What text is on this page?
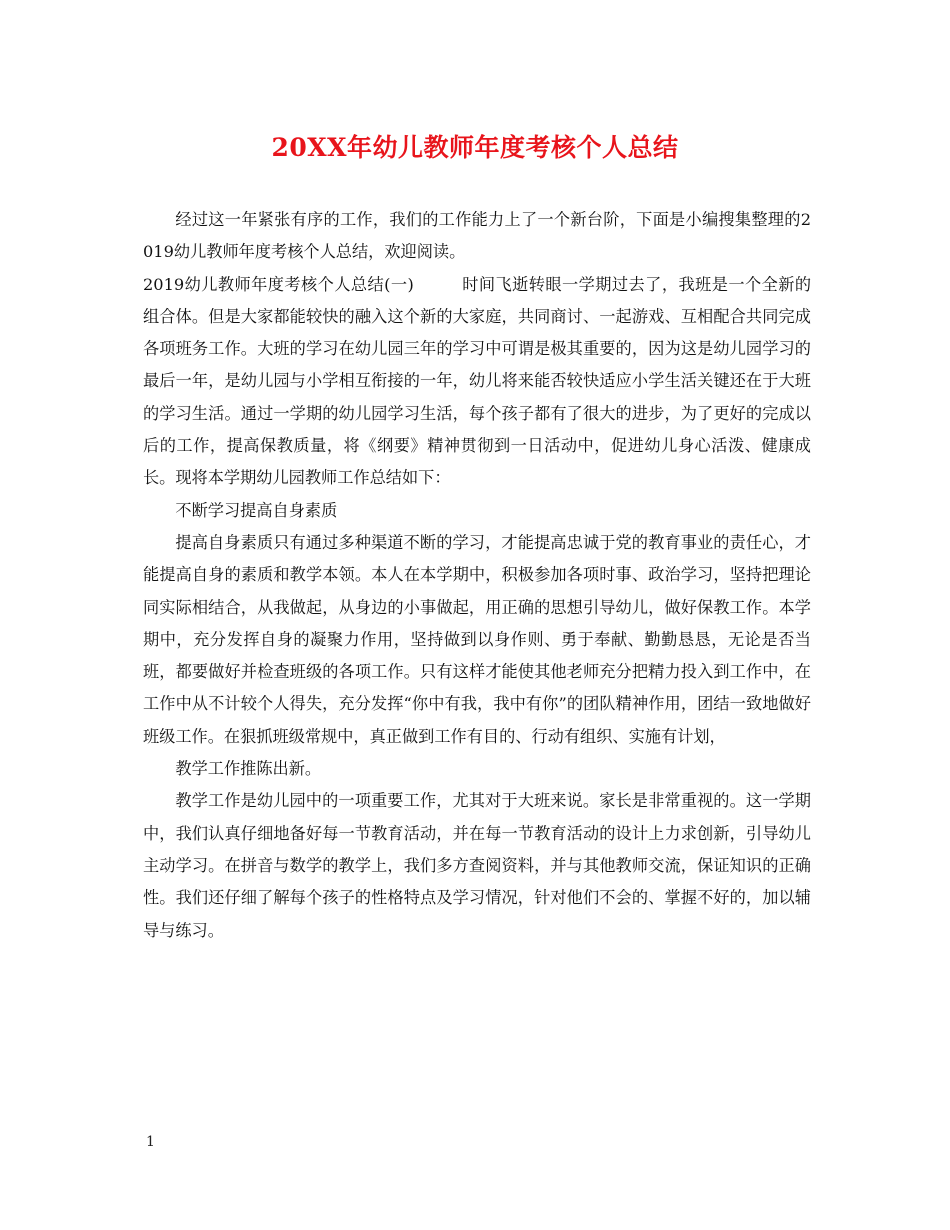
20XX年幼儿教师年度考核个人总结

经过这一年紧张有序的工作，我们的工作能力上了一个新台阶，下面是小编搜集整理的2019幼儿教师年度考核个人总结，欢迎阅读。

2019幼儿教师年度考核个人总结(一)	时间飞逝转眼一学期过去了，我班是一个全新的组合体。但是大家都能较快的融入这个新的大家庭，共同商讨、一起游戏、互相配合共同完成各项班务工作。大班的学习在幼儿园三年的学习中可谓是极其重要的，因为这是幼儿园学习的最后一年，是幼儿园与小学相互衔接的一年，幼儿将来能否较快适应小学生活关键还在于大班的学习生活。通过一学期的幼儿园学习生活，每个孩子都有了很大的进步，为了更好的完成以后的工作，提高保教质量，将《纲要》精神贯彻到一日活动中，促进幼儿身心活泼、健康成长。现将本学期幼儿园教师工作总结如下：

不断学习提高自身素质

提高自身素质只有通过多种渠道不断的学习，才能提高忠诚于党的教育事业的责任心，才能提高自身的素质和教学本领。本人在本学期中，积极参加各项时事、政治学习，坚持把理论同实际相结合，从我做起，从身边的小事做起，用正确的思想引导幼儿，做好保教工作。本学期中，充分发挥自身的凝聚力作用，坚持做到以身作则、勇于奉献、勤勤恳恳，无论是否当班，都要做好并检查班级的各项工作。只有这样才能使其他老师充分把精力投入到工作中，在工作中从不计较个人得失，充分发挥“你中有我，我中有你”的团队精神作用，团结一致地做好班级工作。在狠抓班级常规中，真正做到工作有目的、行动有组织、实施有计划，

教学工作推陈出新。

教学工作是幼儿园中的一项重要工作，尤其对于大班来说。家长是非常重视的。这一学期中，我们认真仔细地备好每一节教育活动，并在每一节教育活动的设计上力求创新，引导幼儿主动学习。在拼音与数学的教学上，我们多方查阅资料，并与其他教师交流，保证知识的正确性。我们还仔细了解每个孩子的性格特点及学习情况，针对他们不会的、掌握不好的，加以辅导与练习。

1
